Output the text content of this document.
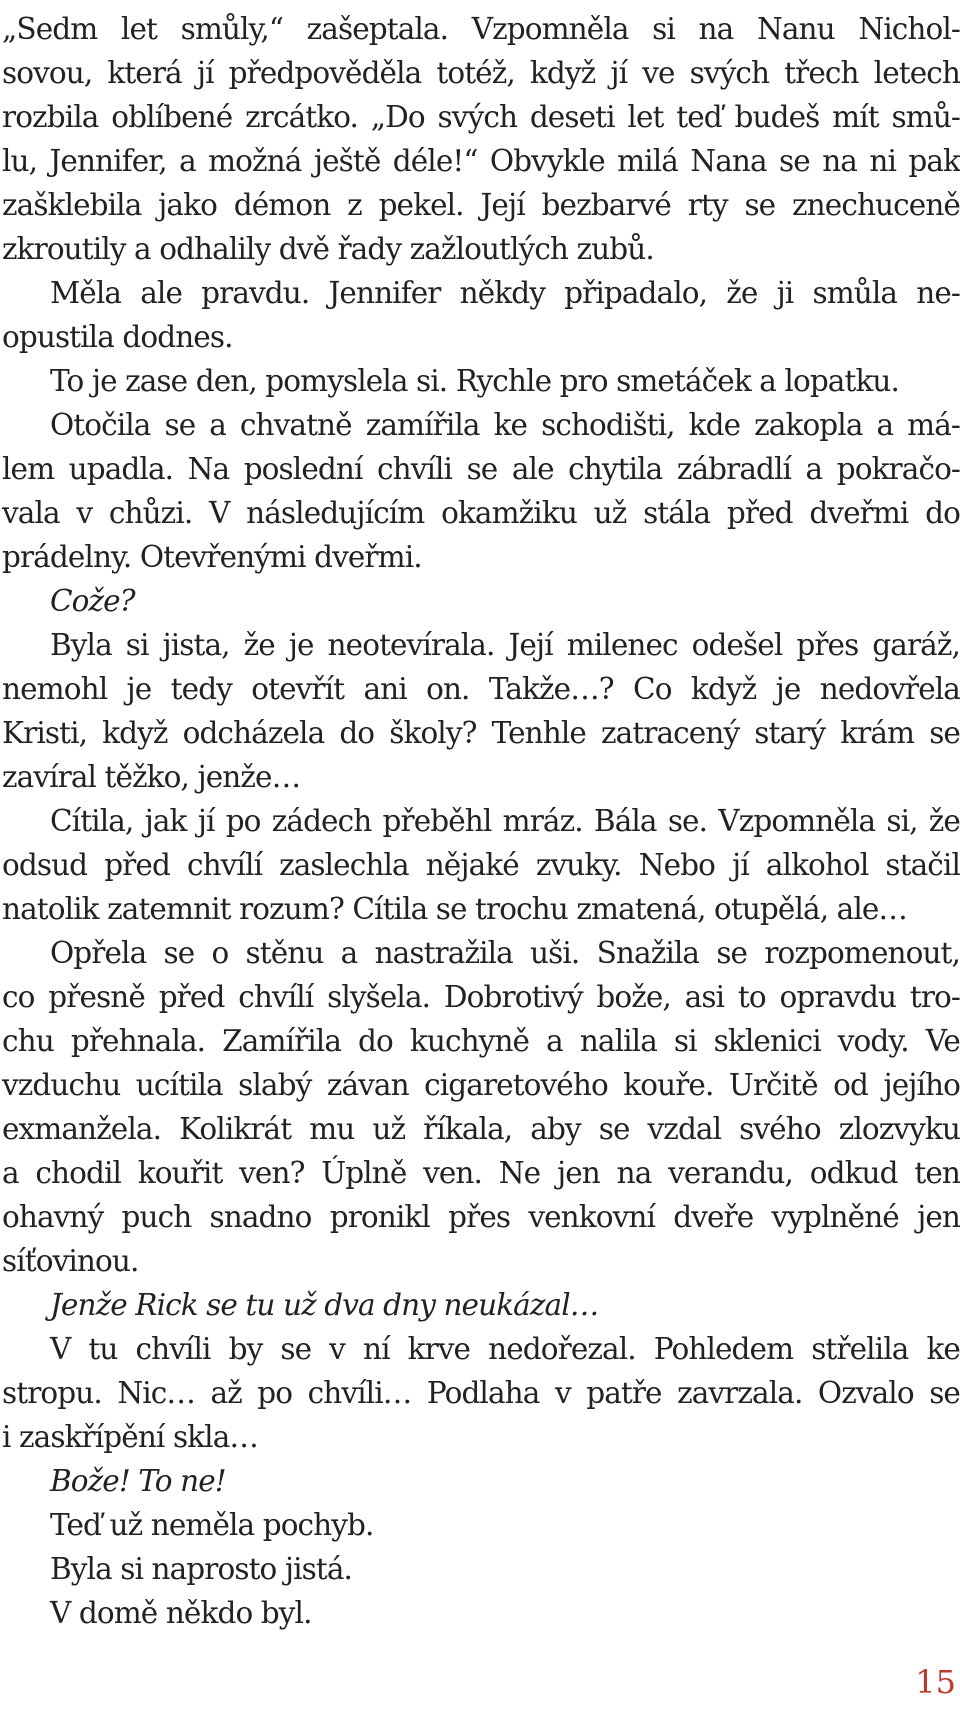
„Sedm let smůly,“ zašeptala. Vzpomněla si na Nanu Nichol-
sovou, která jí předpověděla totéž, když jí ve svých třech letech
rozbila oblíbené zrcátko. „Do svých deseti let teď budeš mít smů-
lu, Jennifer, a možná ještě déle!“ Obvykle milá Nana se na ni pak
zašklebila jako démon z pekel. Její bezbarvé rty se znechuceně
zkroutily a odhalily dvě řady zažloutlých zubů.
Měla ale pravdu. Jennifer někdy připadalo, že ji smůla ne-
opustila dodnes.
To je zase den, pomyslela si. Rychle pro smetáček a lopatku.
Otočila se a chvatně zamířila ke schodišti, kde zakopla a má-
lem upadla. Na poslední chvíli se ale chytila zábradlí a pokračo-
vala v chůzi. V následujícím okamžiku už stála před dveřmi do
prádelny. Otevřenými dveřmi.
Cože?
Byla si jista, že je neotevírala. Její milenec odešel přes garáž,
nemohl je tedy otevřít ani on. Takže…? Co když je nedovřela
Kristi, když odcházela do školy? Tenhle zatracený starý krám se
zavíral těžko, jenže…
Cítila, jak jí po zádech přeběhl mráz. Bála se. Vzpomněla si, že
odsud před chvílí zaslechla nějaké zvuky. Nebo jí alkohol stačil
natolik zatemnit rozum? Cítila se trochu zmatená, otupělá, ale…
Opřela se o stěnu a nastražila uši. Snažila se rozpomenout,
co přesně před chvílí slyšela. Dobrotivý bože, asi to opravdu tro-
chu přehnala. Zamířila do kuchyně a nalila si sklenici vody. Ve
vzduchu ucítila slabý závan cigaretového kouře. Určitě od jejího
exmanžela. Kolikrát mu už říkala, aby se vzdal svého zlozvyku
a chodil kouřit ven? Úplně ven. Ne jen na verandu, odkud ten
ohavný puch snadno pronikl přes venkovní dveře vyplněné jen
síťovinou.
Jenže Rick se tu už dva dny neukázal…
V tu chvíli by se v ní krve nedořezal. Pohledem střelila ke
stropu. Nic… až po chvíli… Podlaha v patře zavrzala. Ozvalo se
i zaskřípění skla…
Bože! To ne!
Teď už neměla pochyb.
Byla si naprosto jistá.
V domě někdo byl.
15
